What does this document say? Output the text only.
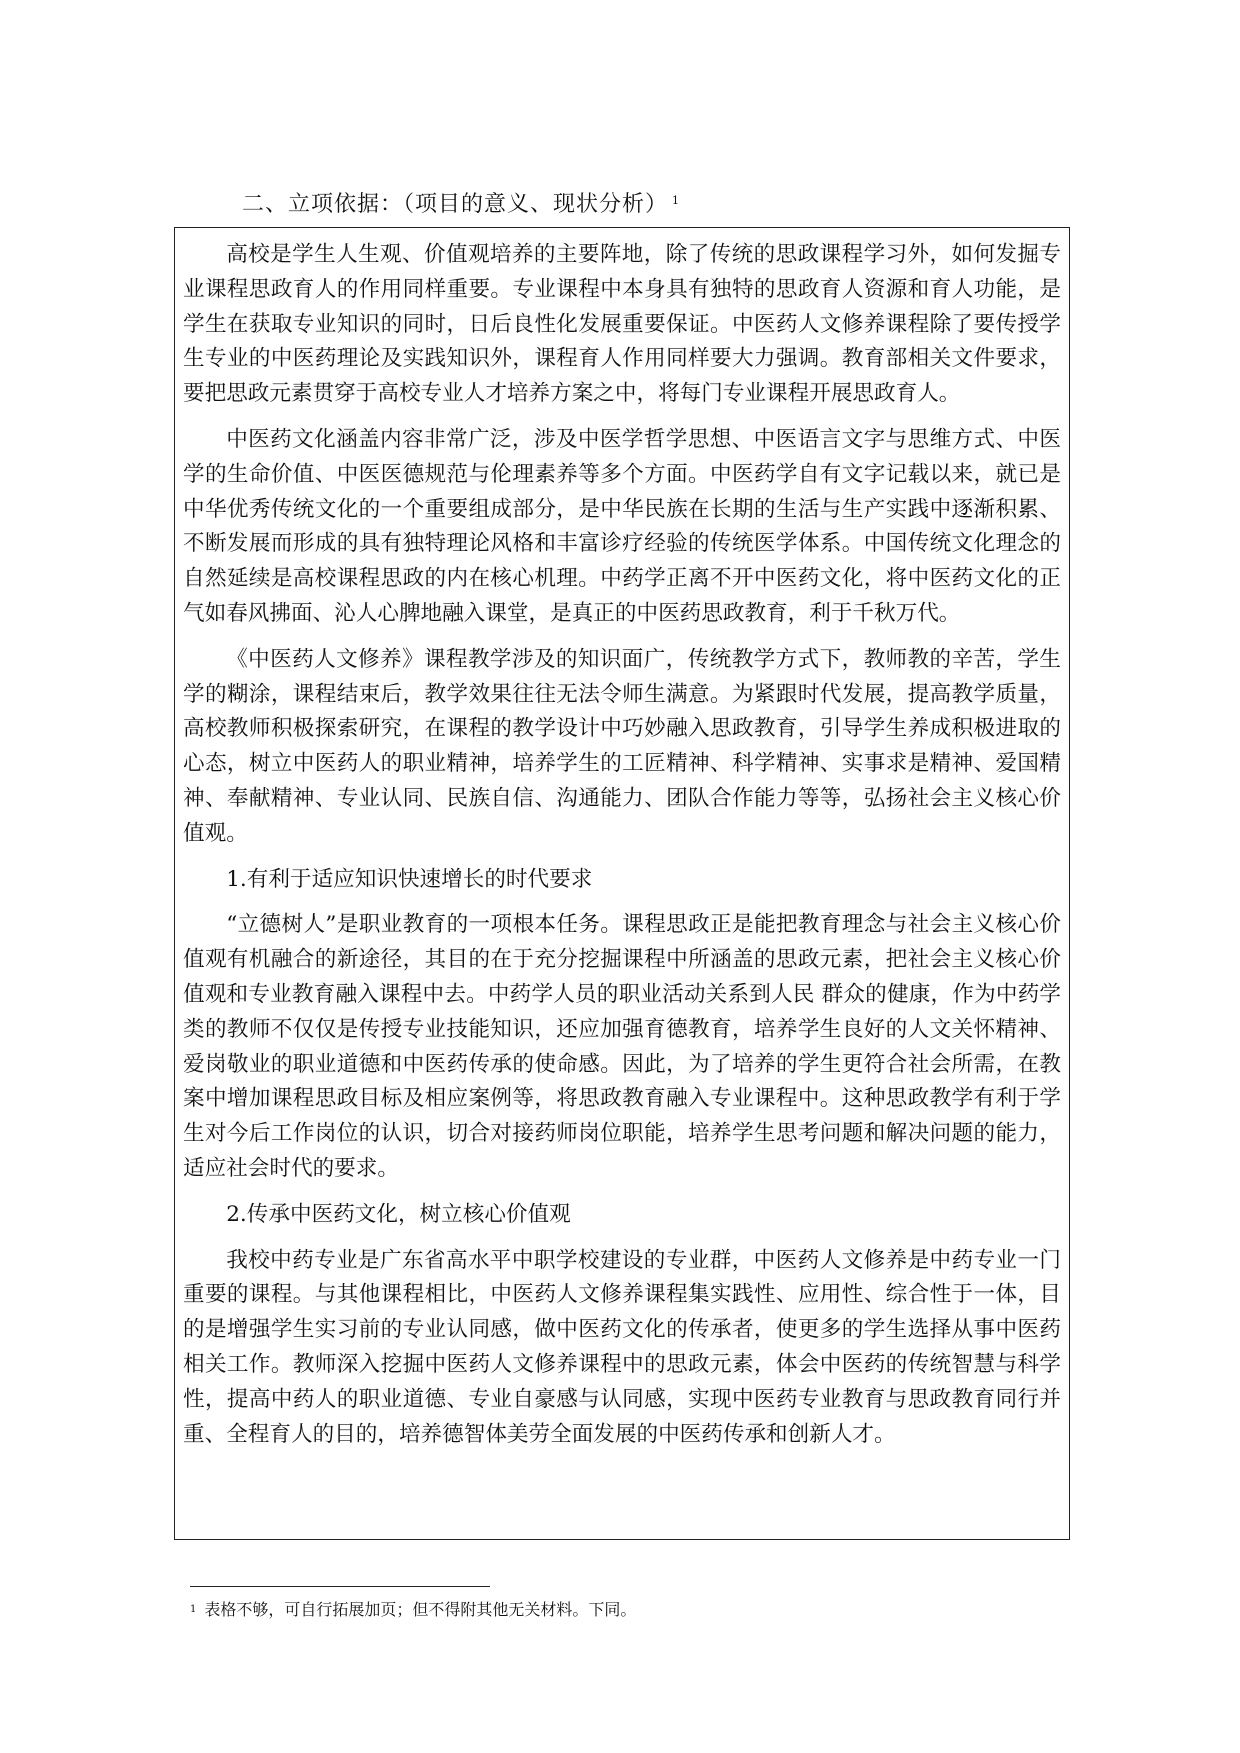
二、立项依据：（项目的意义、现状分析） $^1$

高校是学生人生观、价值观培养的主要阵地，除了传统的思政课程学习外，如何发掘专业课程思政育人的作用同样重要。专业课程中本身具有独特的思政育人资源和育人功能，是学生在获取专业知识的同时，日后良性化发展重要保证。中医药人文修养课程除了要传授学生专业的中医药理论及实践知识外，课程育人作用同样要大力强调。教育部相关文件要求，要把思政元素贯穿于高校专业人才培养方案之中，将每门专业课程开展思政育人。

中医药文化涵盖内容非常广泛，涉及中医学哲学思想、中医语言文字与思维方式、中医学的生命价值、中医医德规范与伦理素养等多个方面。中医药学自有文字记载以来，就已是中华优秀传统文化的一个重要组成部分，是中华民族在长期的生活与生产实践中逐渐积累、不断发展而形成的具有独特理论风格和丰富诊疗经验的传统医学体系。中国传统文化理念的自然延续是高校课程思政的内在核心机理。中药学正离不开中医药文化，将中医药文化的正气如春风拂面、沁人心脾地融入课堂，是真正的中医药思政教育，利于千秋万代。

《中医药人文修养》课程教学涉及的知识面广，传统教学方式下，教师教的辛苦，学生学的糊涂，课程结束后，教学效果往往无法令师生满意。为紧跟时代发展，提高教学质量，高校教师积极探索研究，在课程的教学设计中巧妙融入思政教育，引导学生养成积极进取的心态，树立中医药人的职业精神，培养学生的工匠精神、科学精神、实事求是精神、爱国精神、奉献精神、专业认同、民族自信、沟通能力、团队合作能力等等，弘扬社会主义核心价值观。

1.有利于适应知识快速增长的时代要求

“立德树人”是职业教育的一项根本任务。课程思政正是能把教育理念与社会主义核心价值观有机融合的新途径，其目的在于充分挖掘课程中所涵盖的思政元素，把社会主义核心价值观和专业教育融入课程中去。中药学人员的职业活动关系到人民 群众的健康，作为中药学类的教师不仅仅是传授专业技能知识，还应加强育德教育，培养学生良好的人文关怀精神、爱岗敬业的职业道德和中医药传承的使命感。因此，为了培养的学生更符合社会所需，在教案中增加课程思政目标及相应案例等，将思政教育融入专业课程中。这种思政教学有利于学生对今后工作岗位的认识，切合对接药师岗位职能，培养学生思考问题和解决问题的能力，适应社会时代的要求。

2.传承中医药文化，树立核心价值观

我校中药专业是广东省高水平中职学校建设的专业群，中医药人文修养是中药专业一门重要的课程。与其他课程相比，中医药人文修养课程集实践性、应用性、综合性于一体，目的是增强学生实习前的专业认同感，做中医药文化的传承者，使更多的学生选择从事中医药相关工作。教师深入挖掘中医药人文修养课程中的思政元素，体会中医药的传统智慧与科学性，提高中药人的职业道德、专业自豪感与认同感，实现中医药专业教育与思政教育同行并重、全程育人的目的，培养德智体美劳全面发展的中医药传承和创新人才。

$^1$ 表格不够，可自行拓展加页；但不得附其他无关材料。下同。
